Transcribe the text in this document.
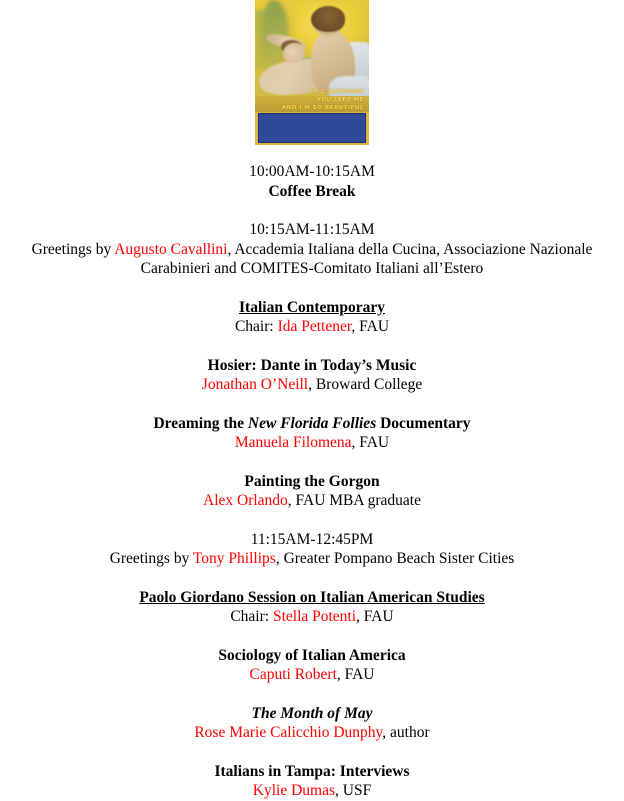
IT'S SATURDAY
YOU LEFT ME
AND I'M SO BEAUTIFUL

10:00AM-10:15AM
Coffee Break
10:15AM-11:15AM
Greetings by Augusto Cavallini, Accademia Italiana della Cucina, Associazione Nazionale Carabinieri and COMITES-Comitato Italiani all’Estero
Italian Contemporary
Chair: Ida Pettener, FAU
Hosier: Dante in Today’s Music
Jonathan O’Neill, Broward College
Dreaming the New Florida Follies Documentary
Manuela Filomena, FAU
Painting the Gorgon
Alex Orlando, FAU MBA graduate
11:15AM-12:45PM
Greetings by Tony Phillips, Greater Pompano Beach Sister Cities
Paolo Giordano Session on Italian American Studies
Chair: Stella Potenti, FAU
Sociology of Italian America
Caputi Robert, FAU
The Month of May
Rose Marie Calicchio Dunphy, author
Italians in Tampa: Interviews
Kylie Dumas, USF
